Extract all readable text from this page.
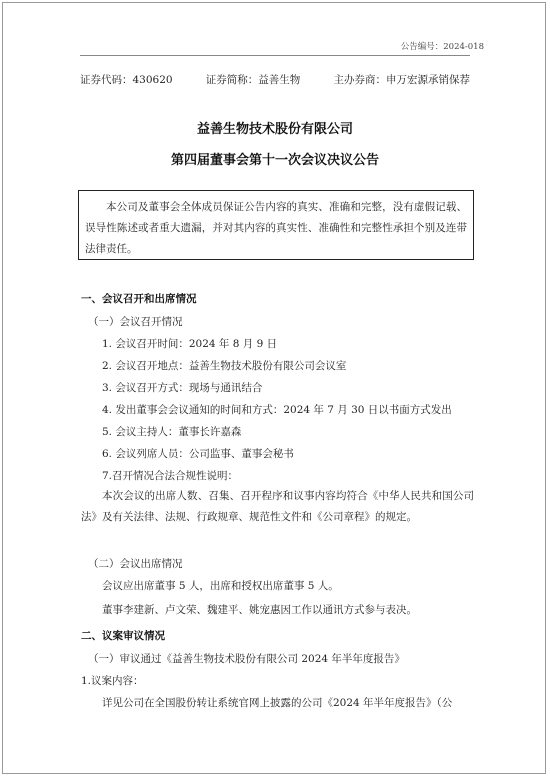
公告编号：2024-018
证券代码：430620	证券简称：益善生物	主办券商：申万宏源承销保荐
益善生物技术股份有限公司
第四届董事会第十一次会议决议公告
本公司及董事会全体成员保证公告内容的真实、准确和完整，没有虚假记载、误导性陈述或者重大遗漏，并对其内容的真实性、准确性和完整性承担个别及连带法律责任。
一、会议召开和出席情况
（一）会议召开情况
1. 会议召开时间：2024 年 8 月 9 日
2. 会议召开地点：益善生物技术股份有限公司会议室
3. 会议召开方式：现场与通讯结合
4. 发出董事会会议通知的时间和方式：2024 年 7 月 30 日以书面方式发出
5. 会议主持人：董事长许嘉森
6. 会议列席人员：公司监事、董事会秘书
7.召开情况合法合规性说明：
本次会议的出席人数、召集、召开程序和议事内容均符合《中华人民共和国公司法》及有关法律、法规、行政规章、规范性文件和《公司章程》的规定。
（二）会议出席情况
会议应出席董事 5 人，出席和授权出席董事 5 人。
董事李建新、卢文荣、魏建平、姚宠惠因工作以通讯方式参与表决。
二、议案审议情况
（一）审议通过《益善生物技术股份有限公司 2024 年半年度报告》
1.议案内容：
详见公司在全国股份转让系统官网上披露的公司《2024 年半年度报告》（公
